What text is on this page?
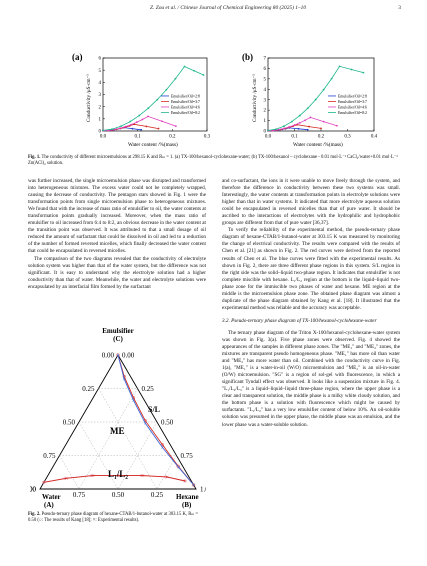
Z. Zou et al. / Chinese Journal of Chemical Engineering 80 (2025) 1–10	3
(a)
Conductivity /μS·cm⁻¹
Water content /%(mass)
0
1
2
3
4
5
6
0.0	0.1	0.2	0.3
Emulsifier/Oil=2:8
Emulsifier/Oil=3:7
Emulsifier/Oil=4:6
Emulsifier/Oil=8:2
(b)
Conductivity /μS·cm⁻¹
Water content /%(mass)
0
1
2
3
4
5
6
7
0.0	0.1	0.2	0.3	0.4
Emulsifier/Oil=2:8
Emulsifier/Oil=3:7
Emulsifier/Oil=4:6
Emulsifier/Oil=8:2

Fig. 1. The conductivity of different microemulsions at 298.15 K and Rₘ = 1. (a) TX-100/hexanol-cyclohexane-water; (b) TX-100/hexanol – cyclohexane - 0.01 mol·L⁻¹ CaCl₂/water+0.01 mol·L⁻¹ Zn(ACl)₂ solution.

was further increased, the single microemulsion phase was disrupted and transformed into heterogeneous mixtures. The excess water could not be completely wrapped, causing the decrease of conductivity. The pentagon stars showed in Fig. 1 were the transformation points from single microemulsion phase to heterogeneous mixtures. We found that with the increase of mass ratio of emulsifier to oil, the water contents at transformation points gradually increased. Moreover, when the mass ratio of emulsifier to oil increased from 6:4 to 8:2, an obvious decrease in the water content at the transition point was observed. It was attributed to that a small dosage of oil reduced the amount of surfactant that could be dissolved in oil and led to a reduction of the number of formed reversed micelles, which finally decreased the water content that could be encapsulated in reversed micelles.

The comparison of the two diagrams revealed that the conductivity of electrolyte solution system was higher than that of the water system, but the difference was not significant. It is easy to understand why the electrolyte solution had a higher conductivity than that of water. Meanwhile, the water and electrolyte solutions were encapsulated by an interfacial film formed by the surfactant

Emulsifier
(C)
0.00
0.25
0.50
0.75
00
0.00
0.25
0.50
0.75
1.
0.75	0.50	0.25
00
S/L
ME
L₁/L₂
Water
(A)
Hexane
(B)

Fig. 2. Pseudo-ternary phase diagram of hexane-CTAB/1-butanol-water at 303.15 K, Rₘ = 0.50 (○: The results of Kang [18]; ×: Experimental results).

and co-surfactant, the ions in it were unable to move freely through the system, and therefore the difference in conductivity between these two systems was small. Interestingly, the water contents at transformation points in electrolyte solutions were higher than that in water systems. It indicated that more electrolyte aqueous solution could be encapsulated in reversed micelles than that of pure water. It should be ascribed to the interactions of electrolytes with the hydrophilic and hydrophobic groups are different from that of pure water [36,37].

To verify the reliability of the experimental method, the pseudo-ternary phase diagram of hexane-CTAB/1-butanol-water at 303.15 K was measured by monitoring the change of electrical conductivity. The results were compared with the results of Chen et al. [21] as shown in Fig. 2. The red curves were derived from the reported results of Chen et al. The blue curves were fitted with the experimental results. As shown in Fig. 2, there are three different phase regions in this system. S/L region in the right side was the solid–liquid two-phase region. It indicates that emulsifier is not complete miscible with hexane. L₁/L₂ region at the bottom is the liquid–liquid two-phase zone for the immiscible two phases of water and hexane. ME region at the middle is the microemulsion phase zone. The obtained phase diagram was almost a duplicate of the phase diagram obtained by Kang et al. [18]. It illustrated that the experimental method was reliable and the accuracy was acceptable.

3.2. Pseudo-ternary phase diagram of TX-100/hexanol-cyclohexane-water

The ternary phase diagram of the Triton X-100/hexanol-cyclohexane-water system was shown in Fig. 3(a). Five phase zones were observed. Fig. 4 showed the appearances of the samples in different phase zones. The "ME₁" and "ME₂" zones, the mixtures are transparent pseudo homogeneous phase. "ME₁" has more oil than water and "ME₂" has more water than oil. Combined with the conductivity curve in Fig. 1(a), "ME₁" is a water-in-oil (W/O) microemulsion and "ME₂" is an oil-in-water (O/W) microemulsion. "SG" is a region of sol-gel with fluorescence, in which a significant Tyndall effect was observed. It looks like a suspension mixture in Fig. 4. "L₁/L₂/L₃" is a liquid–liquid–liquid three-phase region, where the upper phase is a clear and transparent solution, the middle phase is a milky white cloudy solution, and the bottom phase is a solution with fluorescence which might be caused by surfactants. "L₁/L₂" has a very low emulsifier content of below 10%. An oil-soluble solution was presumed in the upper phase, the middle phase was an emulsion, and the lower phase was a water-soluble solution.
